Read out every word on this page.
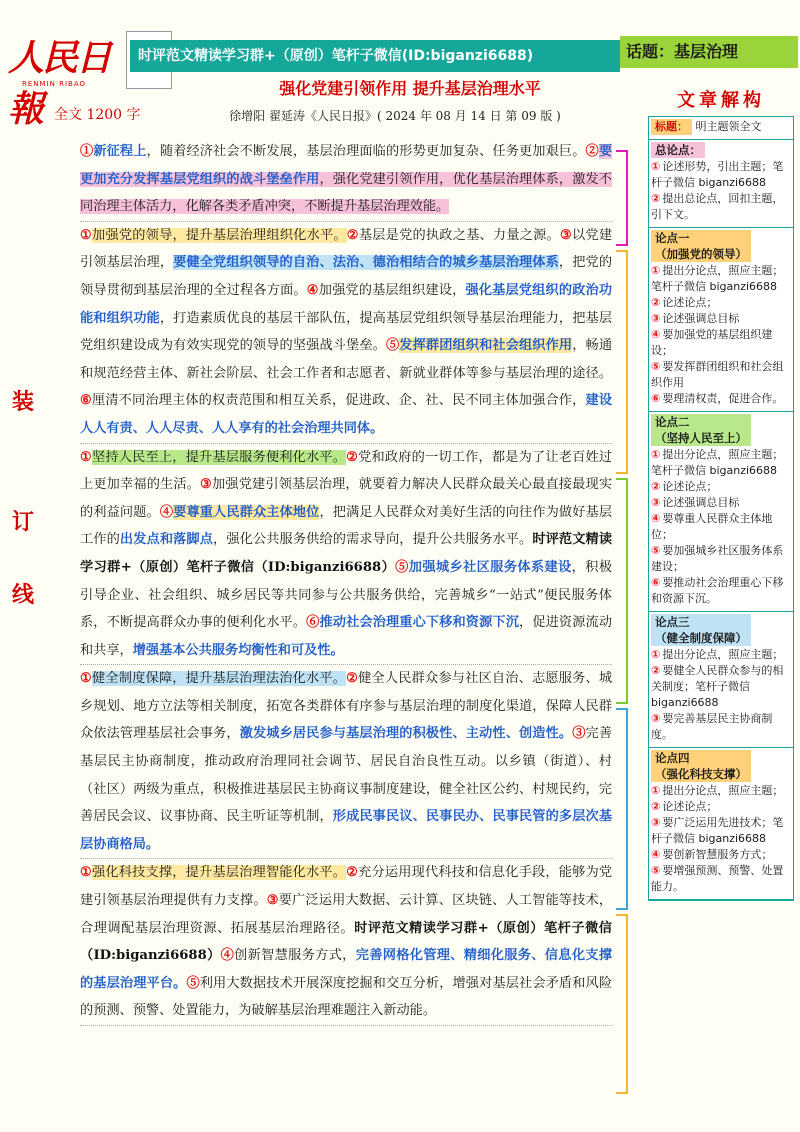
人民日報
RENMIN RIBAO
时评范文精读学习群+（原创）笔杆子微信(ID:biganzi6688)	话题：基层治理
强化党建引领作用 提升基层治理水平
全文 1200 字	徐增阳 翟延涛《人民日报》( 2024 年 08 月 14 日 第 09 版 )
装
订
线

①新征程上，随着经济社会不断发展，基层治理面临的形势更加复杂、任务更加艰巨。②要更加充分发挥基层党组织的战斗堡垒作用，强化党建引领作用，优化基层治理体系，激发不同治理主体活力，化解各类矛盾冲突，不断提升基层治理效能。

①加强党的领导，提升基层治理组织化水平。②基层是党的执政之基、力量之源。③以党建引领基层治理，要健全党组织领导的自治、法治、德治相结合的城乡基层治理体系，把党的领导贯彻到基层治理的全过程各方面。④加强党的基层组织建设，强化基层党组织的政治功能和组织功能，打造素质优良的基层干部队伍，提高基层党组织领导基层治理能力，把基层党组织建设成为有效实现党的领导的坚强战斗堡垒。⑤发挥群团组织和社会组织作用，畅通和规范经营主体、新社会阶层、社会工作者和志愿者、新就业群体等参与基层治理的途径。⑥厘清不同治理主体的权责范围和相互关系，促进政、企、社、民不同主体加强合作，建设人人有责、人人尽责、人人享有的社会治理共同体。

①坚持人民至上，提升基层服务便利化水平。②党和政府的一切工作，都是为了让老百姓过上更加幸福的生活。③加强党建引领基层治理，就要着力解决人民群众最关心最直接最现实的利益问题。④要尊重人民群众主体地位，把满足人民群众对美好生活的向往作为做好基层工作的出发点和落脚点，强化公共服务供给的需求导向，提升公共服务水平。时评范文精读学习群+（原创）笔杆子微信（ID:biganzi6688）⑤加强城乡社区服务体系建设，积极引导企业、社会组织、城乡居民等共同参与公共服务供给，完善城乡“一站式”便民服务体系，不断提高群众办事的便利化水平。⑥推动社会治理重心下移和资源下沉，促进资源流动和共享，增强基本公共服务均衡性和可及性。

①健全制度保障，提升基层治理法治化水平。②健全人民群众参与社区自治、志愿服务、城乡规划、地方立法等相关制度，拓宽各类群体有序参与基层治理的制度化渠道，保障人民群众依法管理基层社会事务，激发城乡居民参与基层治理的积极性、主动性、创造性。③完善基层民主协商制度，推动政府治理同社会调节、居民自治良性互动。以乡镇（街道）、村（社区）两级为重点，积极推进基层民主协商议事制度建设，健全社区公约、村规民约，完善居民会议、议事协商、民主听证等机制，形成民事民议、民事民办、民事民管的多层次基层协商格局。

①强化科技支撑，提升基层治理智能化水平。②充分运用现代科技和信息化手段，能够为党建引领基层治理提供有力支撑。③要广泛运用大数据、云计算、区块链、人工智能等技术，合理调配基层治理资源、拓展基层治理路径。时评范文精读学习群+（原创）笔杆子微信（ID:biganzi6688）④创新智慧服务方式，完善网格化管理、精细化服务、信息化支撑的基层治理平台。⑤利用大数据技术开展深度挖掘和交互分析，增强对基层社会矛盾和风险的预测、预警、处置能力，为破解基层治理难题注入新动能。

文章解构
标题： 明主题领全文
总论点：
① 论述形势，引出主题；笔杆子微信 biganzi6688
② 提出总论点，回扣主题，引下文。
论点一
（加强党的领导）
① 提出分论点，照应主题；笔杆子微信 biganzi6688
② 论述论点；
③ 论述强调总目标
④ 要加强党的基层组织建设；
⑤ 要发挥群团组织和社会组织作用
⑥ 要理清权责，促进合作。
论点二
（坚持人民至上）
① 提出分论点，照应主题；笔杆子微信 biganzi6688
② 论述论点；
③ 论述强调总目标
④ 要尊重人民群众主体地位；
⑤ 要加强城乡社区服务体系建设；
⑥ 要推动社会治理重心下移和资源下沉。
论点三
（健全制度保障）
① 提出分论点，照应主题；
② 要健全人民群众参与的相关制度；笔杆子微信 biganzi6688
③ 要完善基层民主协商制度。
论点四
（强化科技支撑）
① 提出分论点，照应主题；
② 论述论点；
③ 要广泛运用先进技术；笔杆子微信 biganzi6688
④ 要创新智慧服务方式；
⑤ 要增强预测、预警、处置能力。
